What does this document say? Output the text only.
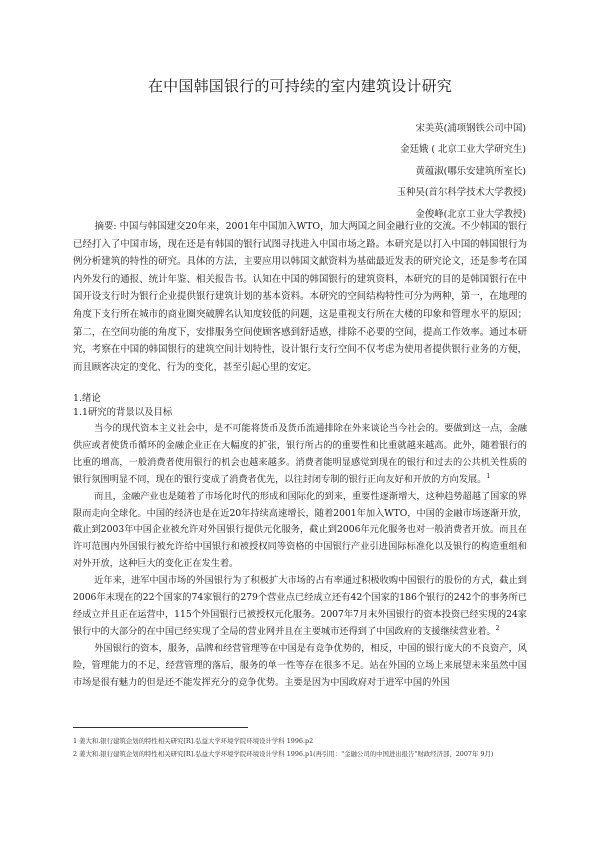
在中国韩国银行的可持续的室内建筑设计研究
宋美英(浦项钢铁公司中国)
金廷娥 ( 北京工业大学研究生)
黄蕴淑(哪乐安建筑所室长)
玉种昊(首尔科学技术大学教授)
金俊峰(北京工业大学教授)

摘要: 中国与韩国建交20年来，2001年中国加入WTO，加大两国之间金融行业的交流。不少韩国的银行已经打入了中国市场，现在还是有韩国的银行试图寻找进入中国市场之路。本研究是以打入中国的韩国银行为例分析建筑的特性的研究。具体的方法，主要应用以韩国文献资料为基础最近发表的研究论文，还是参考在国内外发行的通报、统计年鉴、相关报告书。认知在中国的韩国银行的建筑资料，本研究的目的是韩国银行在中国开设支行时为银行企业提供银行建筑计划的基本资料。本研究的空间结构特性可分为两种，第一，在地理的角度下支行所在城市的商业圈突破脾名认知度较低的问题，这是重视支行所在大楼的印象和管理水平的原因；第二，在空间功能的角度下，安排服务空间使顾客感到舒适感，排除不必要的空间，提高工作效率。通过本研究，考察在中国的韩国银行的建筑空间计划特性，设计银行支行空间不仅考虑为使用者提供银行业务的方便，而且顾客决定的变化、行为的变化，甚至引起心里的安定。

1.绪论
1.1研究的背景以及目标

当今的现代资本主义社会中，是不可能将货币及货币流通排除在外来谈论当今社会的。要做到这一点，金融供应或者使货币循环的金融企业正在大幅度的扩张，银行所占的的重要性和比重就越来越高。此外，随着银行的比重的增高，一般消费者使用银行的机会也越来越多。消费者能明显感觉到现在的银行和过去的公共机关性质的银行氛围明显不同，现在的银行变成了消费者优先，以往封闭专制的银行正向友好和开放的方向发展。$^1$

而且，金融产业也是随着了市场化时代的形成和国际化的到来，重要性逐渐增大，这种趋势超越了国家的界限而走向全球化。中国的经济也是在近20年持续高速增长，随着2001年加入WTO，中国的金融市场逐渐开放，截止到2003年中国企业被允许对外国银行提供元化服务，截止到2006年元化服务也对一般消费者开放。而且在许可范围内外国银行被允许给中国银行和被授权同等资格的中国银行产业引进国际标准化以及银行的构造重组和对外开放，这种巨大的变化正在发生着。

近年来，进军中国市场的外国银行为了积极扩大市场的占有率通过积极收购中国银行的股份的方式，截止到2006年末现在的22个国家的74家银行的279个营业点已经成立还有42个国家的186个银行的242个的事务所已经成立并且正在运营中，115个外国银行已被授权元化服务。2007年7月末外国银行的资本投资已经实现的24家银行中的大部分的在中国已经实现了全局的营业网并且在主要城市还得到了中国政府的支援继续营业着。$^2$

外国银行的资本，服务，品牌和经营管理等在中国是有竞争优势的，相反，中国的银行庞大的不良资产，风险，管理能力的不足，经营管理的落后，服务的单一性等存在很多不足。站在外国的立场上来展望未来虽然中国市场是很有魅力的但是还不能发挥充分的竞争优势。主要是因为中国政府对于进军中国的外国

1 姜大和.银行建筑企划的特性相关研究[R].弘益大学环境学院环境设计学科 1996.p2
2 姜大和.银行建筑企划的特性相关研究[R].弘益大学环境学院环境设计学科 1996.p1(再引用："金融公司的中国进出报告"财政经济部，2007年 9月)
